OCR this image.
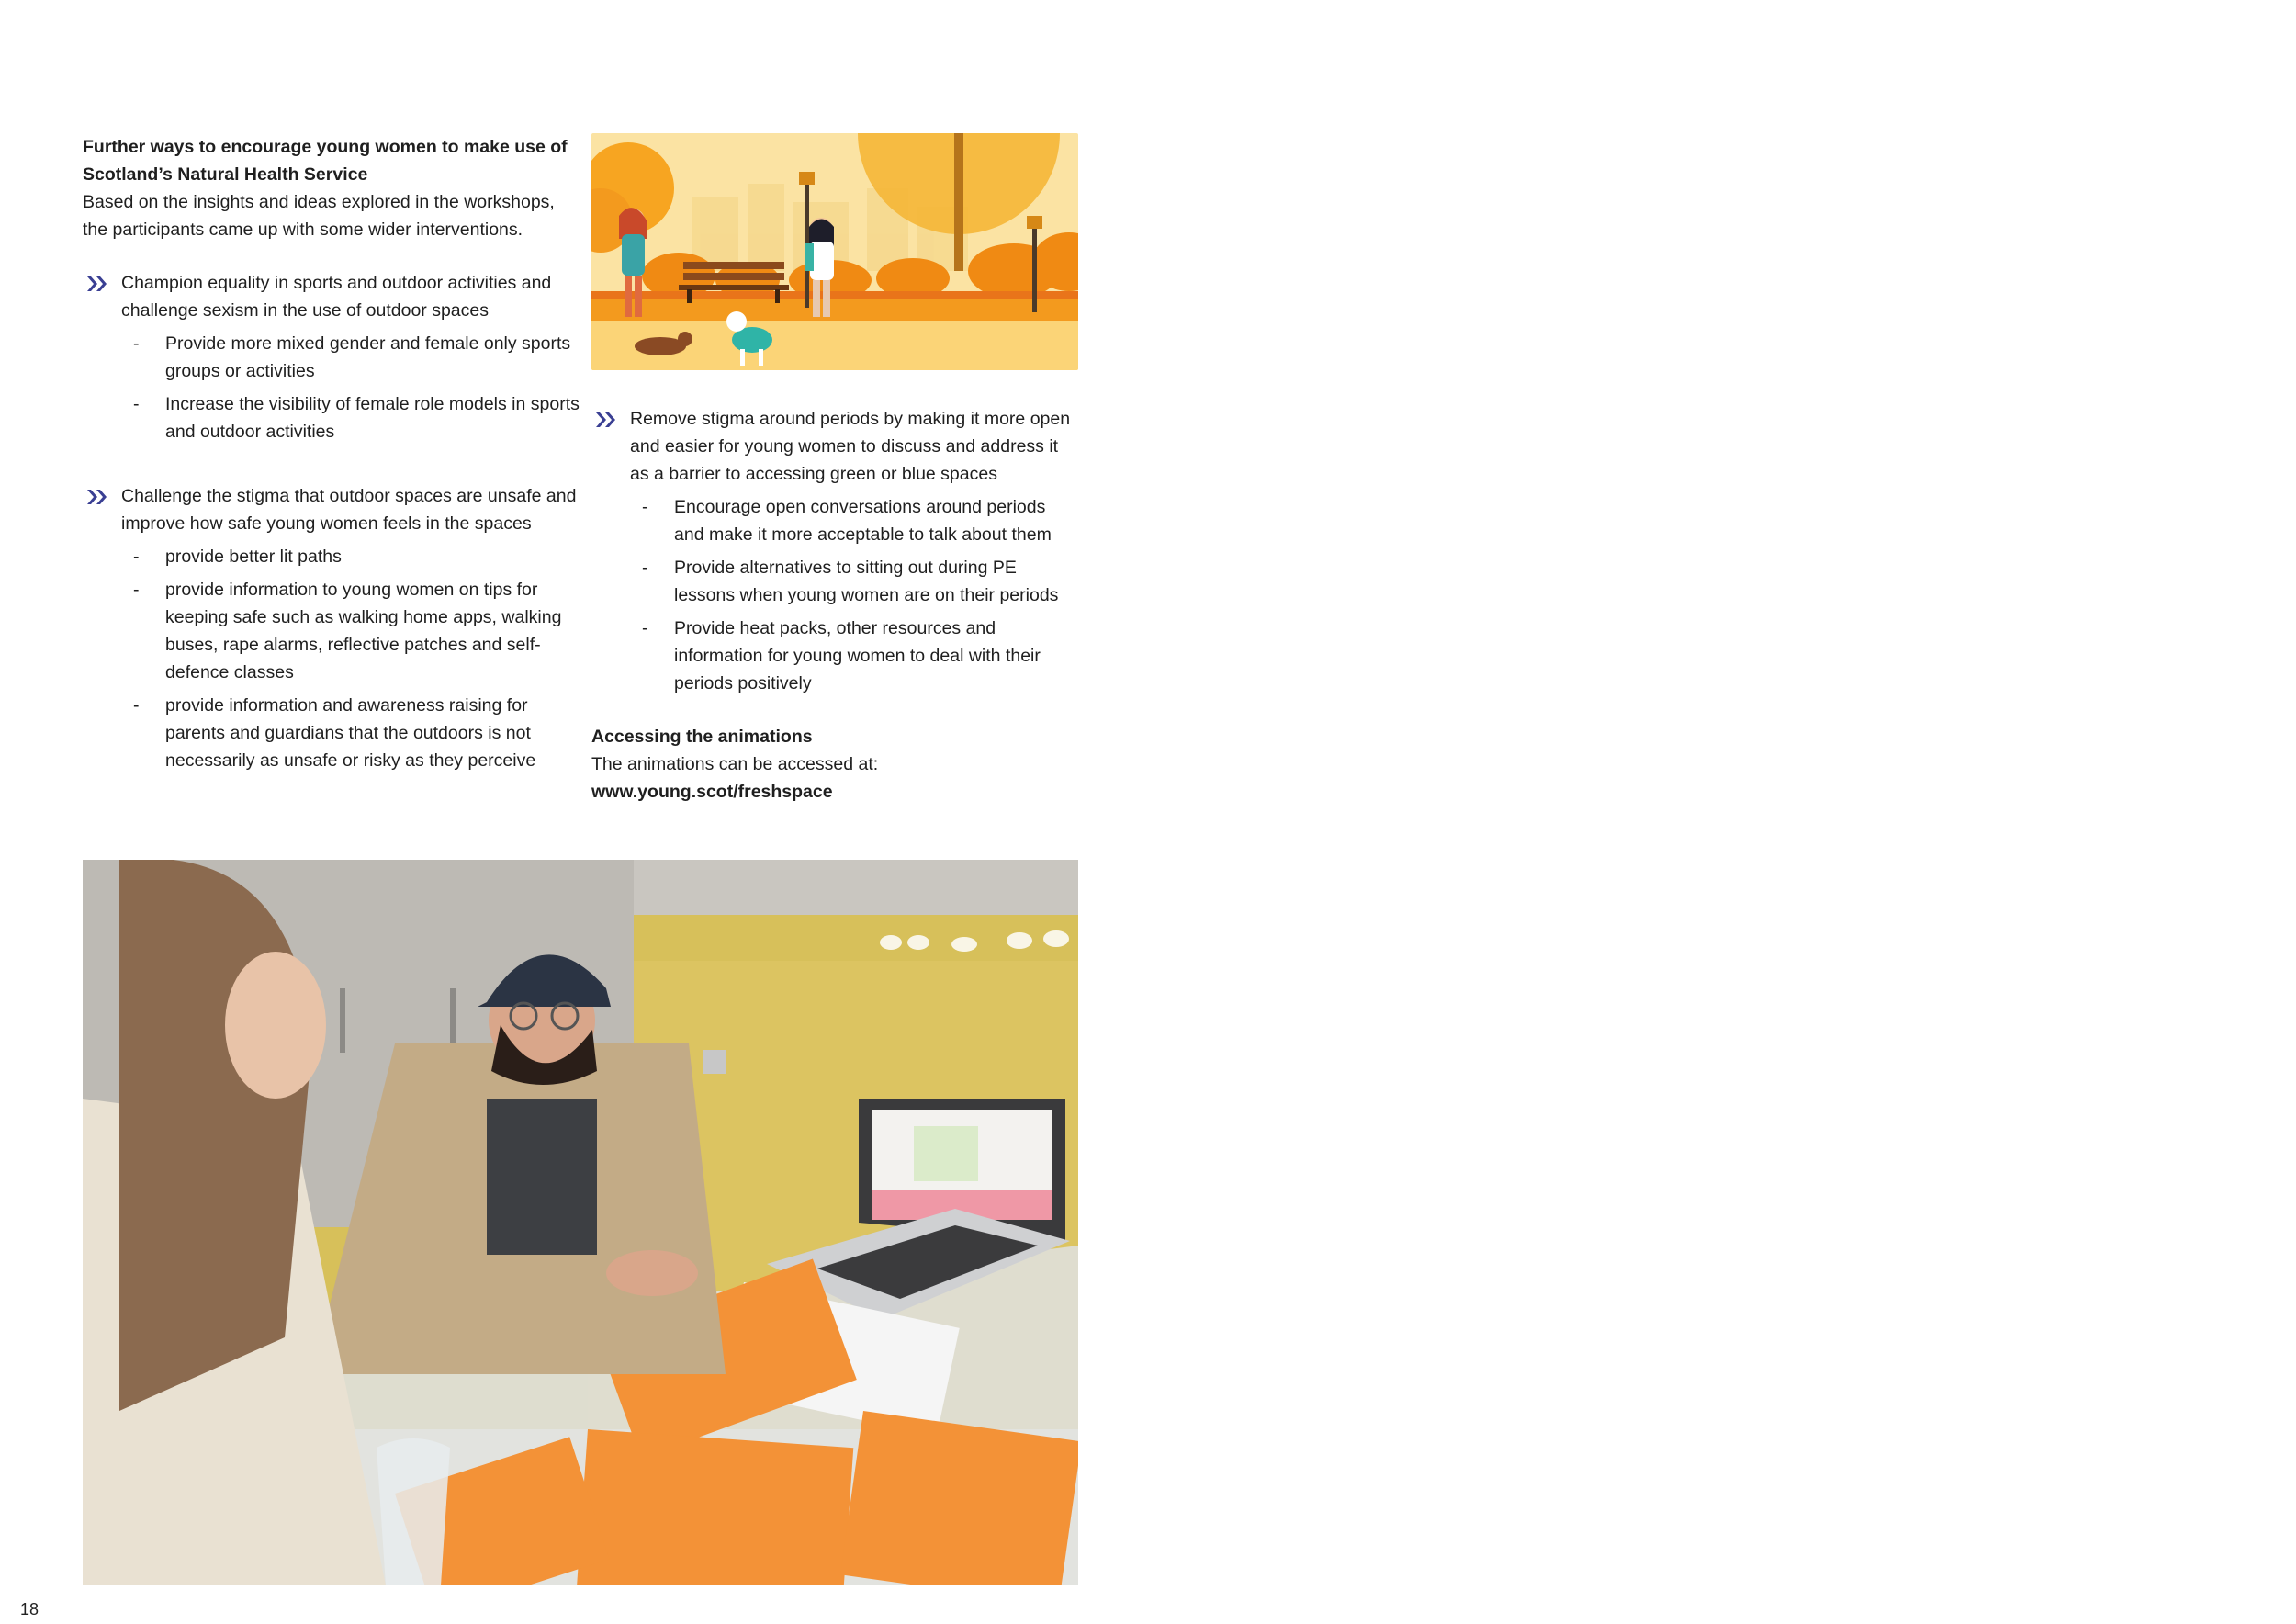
Further ways to encourage young women to make use of
Scotland’s Natural Health Service

Based on the insights and ideas explored in the workshops, the participants came up with some wider interventions.

Champion equality in sports and outdoor activities and challenge sexism in the use of outdoor spaces
- Provide more mixed gender and female only sports groups or activities
- Increase the visibility of female role models in sports and outdoor activities
Challenge the stigma that outdoor spaces are unsafe and improve how safe young women feels in the spaces
- provide better lit paths
- provide information to young women on tips for keeping safe such as walking home apps, walking buses, rape alarms, reflective patches and self-defence classes
- provide information and awareness raising for parents and guardians that the outdoors is not necessarily as unsafe or risky as they perceive
Remove stigma around periods by making it more open and easier for young women to discuss and address it as a barrier to accessing green or blue spaces
- Encourage open conversations around periods and make it more acceptable to talk about them
- Provide alternatives to sitting out during PE lessons when young women are on their periods
- Provide heat packs, other resources and information for young women to deal with their periods positively
Accessing the animations
The animations can be accessed at:
www.young.scot/freshspace
18
